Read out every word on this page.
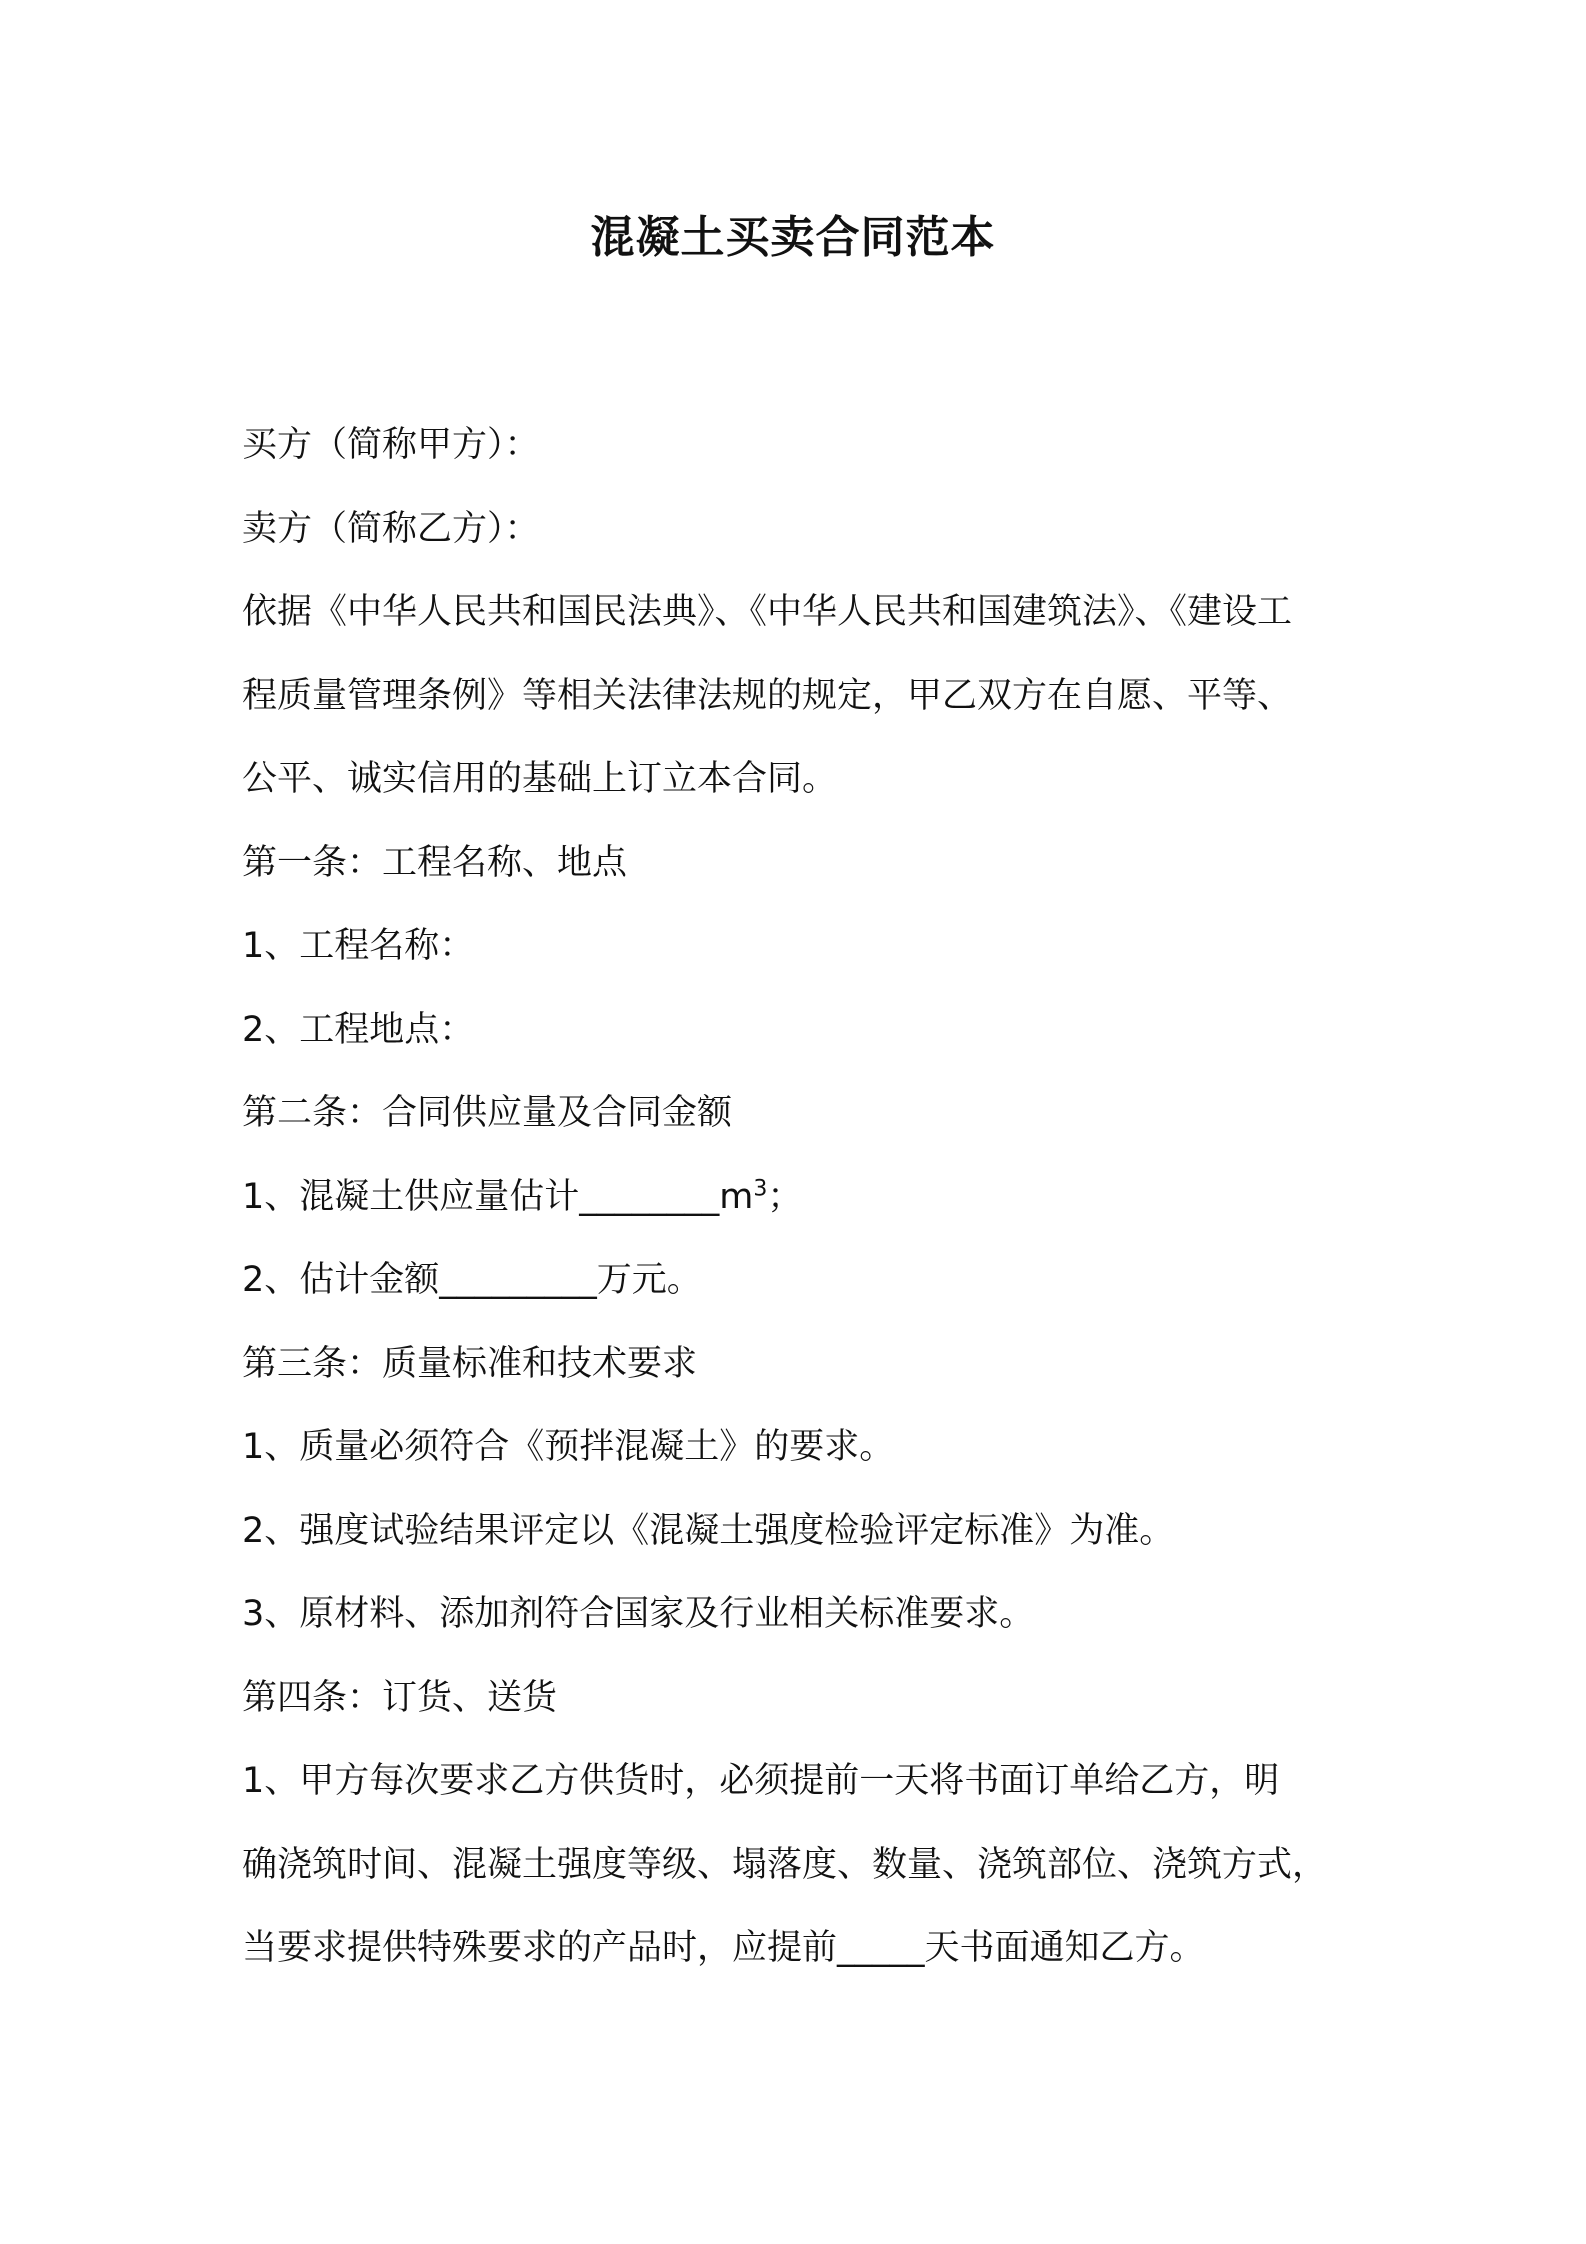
混凝土买卖合同范本
买方（简称甲方）：
卖方（简称乙方）：
依据《中华人民共和国民法典》、《中华人民共和国建筑法》、《建设工
程质量管理条例》等相关法律法规的规定，甲乙双方在自愿、平等、
公平、诚实信用的基础上订立本合同。
第一条：工程名称、地点
1、工程名称：
2、工程地点：
第二条：合同供应量及合同金额
1、混凝土供应量估计$\_\_\_\_\_\_\_\_m^3$；
2、估计金额_________万元。
第三条：质量标准和技术要求
1、质量必须符合《预拌混凝土》的要求。
2、强度试验结果评定以《混凝土强度检验评定标准》为准。
3、原材料、添加剂符合国家及行业相关标准要求。
第四条：订货、送货
1、甲方每次要求乙方供货时，必须提前一天将书面订单给乙方，明
确浇筑时间、混凝土强度等级、塌落度、数量、浇筑部位、浇筑方式，
当要求提供特殊要求的产品时，应提前_____天书面通知乙方。
